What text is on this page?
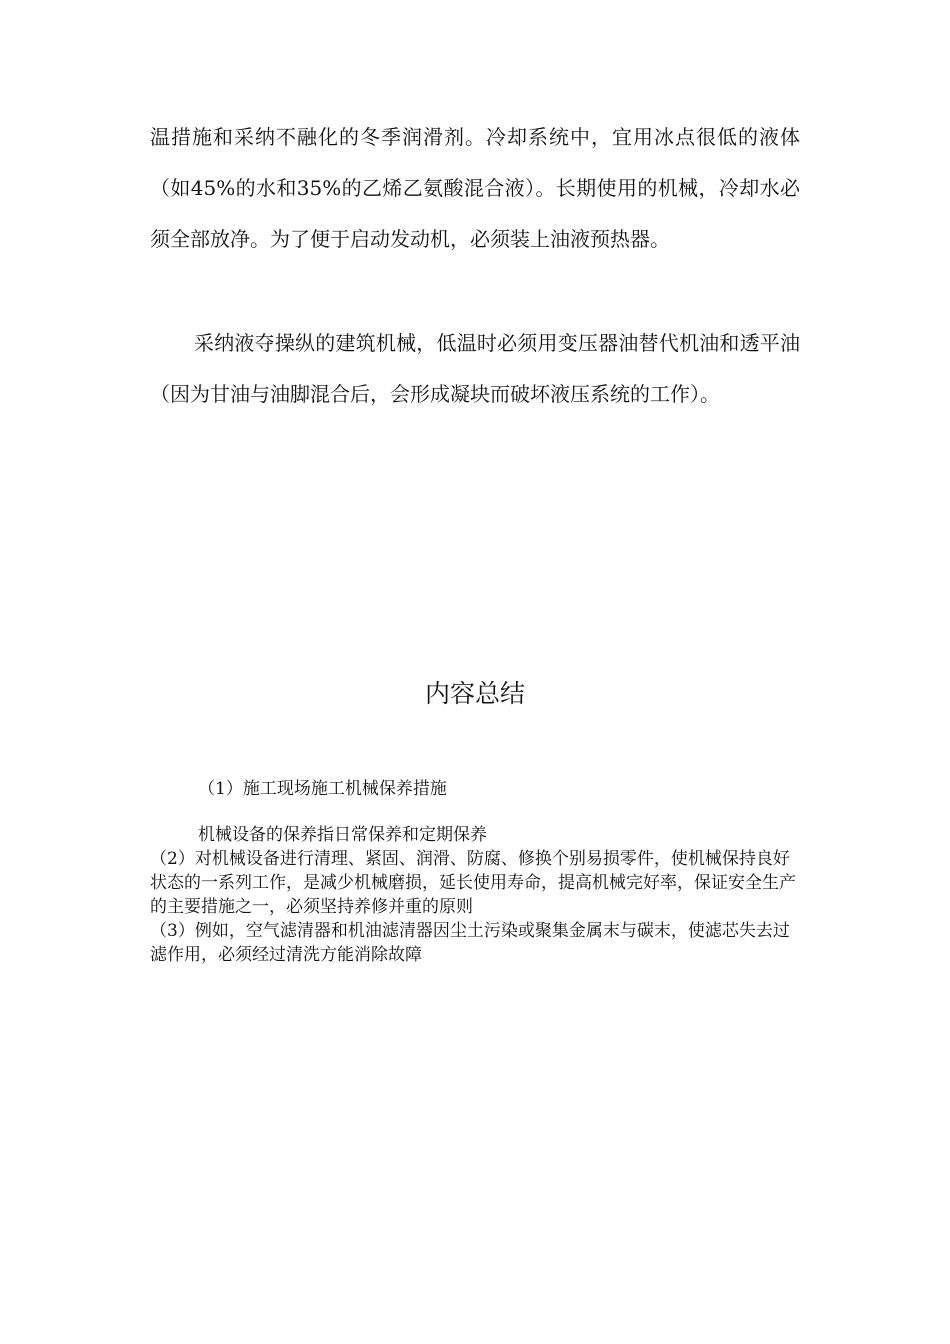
温措施和采纳不融化的冬季润滑剂。冷却系统中，宜用冰点很低的液体（如45%的水和35%的乙烯乙氨酸混合液）。长期使用的机械，冷却水必须全部放净。为了便于启动发动机，必须装上油液预热器。

采纳液夺操纵的建筑机械，低温时必须用变压器油替代机油和透平油（因为甘油与油脚混合后，会形成凝块而破坏液压系统的工作）。

内容总结

（1）施工现场施工机械保养措施

机械设备的保养指日常保养和定期保养

（2）对机械设备进行清理、紧固、润滑、防腐、修换个别易损零件，使机械保持良好状态的一系列工作，是减少机械磨损，延长使用寿命，提高机械完好率，保证安全生产的主要措施之一，必须坚持养修并重的原则

（3）例如，空气滤清器和机油滤清器因尘土污染或聚集金属末与碳末，使滤芯失去过滤作用，必须经过清洗方能消除故障
